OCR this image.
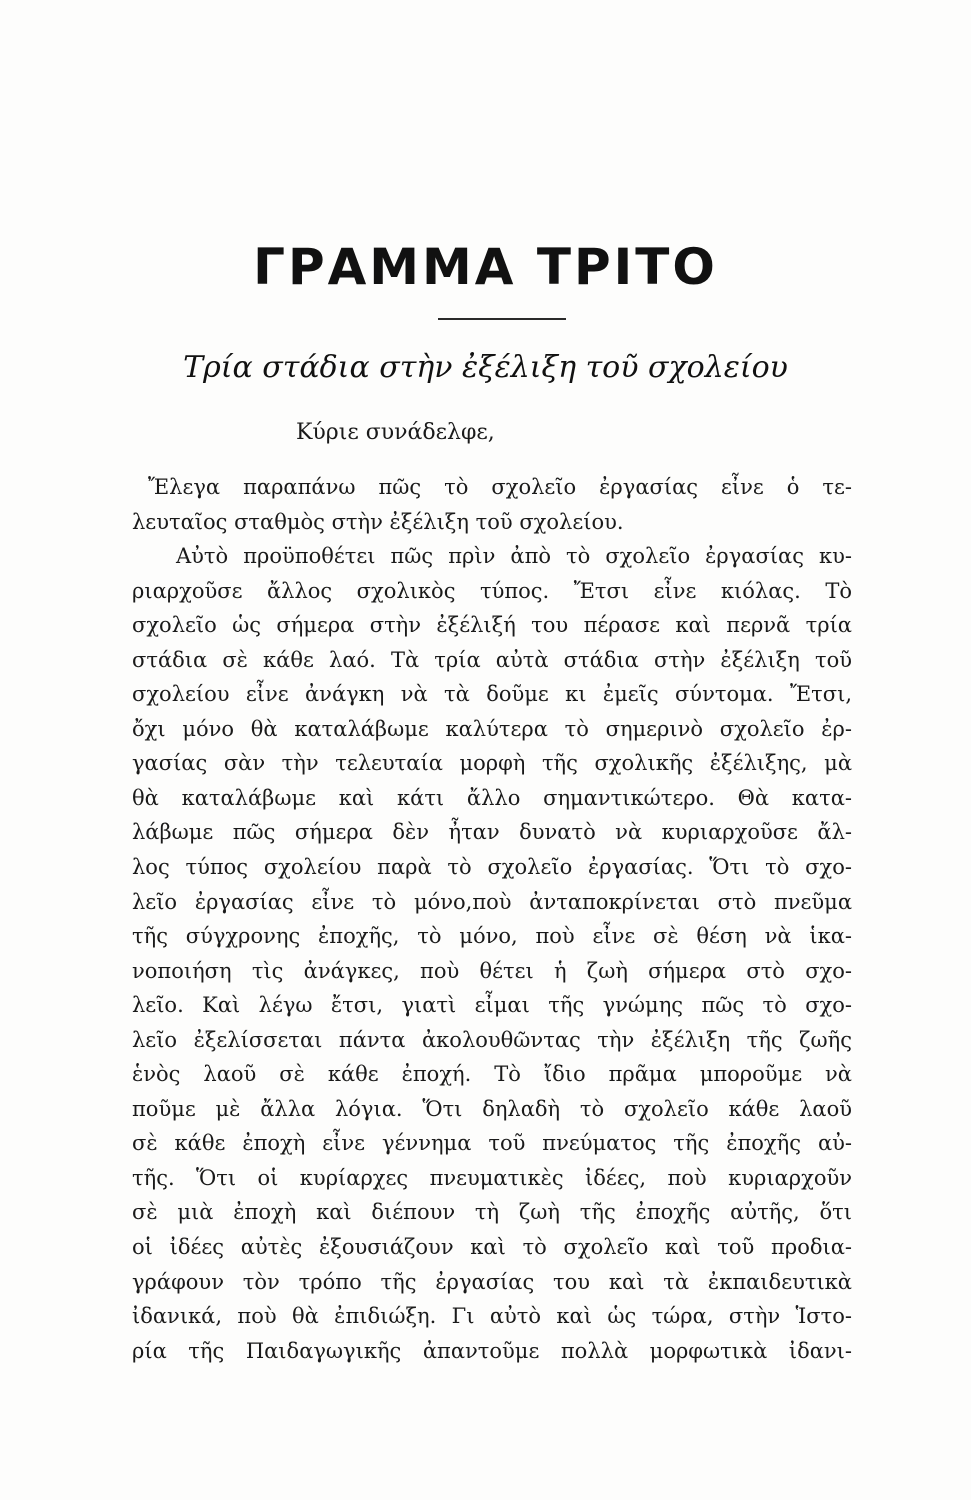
ΓΡΑΜΜΑ ΤΡΙΤΟ
Τρία στάδια στὴν ἐξέλιξη τοῦ σχολείου
Κύριε συνάδελφε,
Ἔλεγα παραπάνω πῶς τὸ σχολεῖο ἐργασίας εἶνε ὁ τε-
λευταῖος σταθμὸς στὴν ἐξέλιξη τοῦ σχολείου.
Αὐτὸ προϋποθέτει πῶς πρὶν ἀπὸ τὸ σχολεῖο ἐργασίας κυ-
ριαρχοῦσε ἄλλος σχολικὸς τύπος. Ἔτσι εἶνε κιόλας. Τὸ
σχολεῖο ὡς σήμερα στὴν ἐξέλιξή του πέρασε καὶ περνᾶ τρία
στάδια σὲ κάθε λαό. Τὰ τρία αὐτὰ στάδια στὴν ἐξέλιξη τοῦ
σχολείου εἶνε ἀνάγκη νὰ τὰ δοῦμε κι ἐμεῖς σύντομα. Ἔτσι,
ὄχι μόνο θὰ καταλάβωμε καλύτερα τὸ σημερινὸ σχολεῖο ἐρ-
γασίας σὰν τὴν τελευταία μορφὴ τῆς σχολικῆς ἐξέλιξης, μὰ
θὰ καταλάβωμε καὶ κάτι ἄλλο σημαντικώτερο. Θὰ κατα-
λάβωμε πῶς σήμερα δὲν ἦταν δυνατὸ νὰ κυριαρχοῦσε ἄλ-
λος τύπος σχολείου παρὰ τὸ σχολεῖο ἐργασίας. Ὅτι τὸ σχο-
λεῖο ἐργασίας εἶνε τὸ μόνο,ποὺ ἀνταποκρίνεται στὸ πνεῦμα
τῆς σύγχρονης ἐποχῆς, τὸ μόνο, ποὺ εἶνε σὲ θέση νὰ ἱκα-
νοποιήση τὶς ἀνάγκες, ποὺ θέτει ἡ ζωὴ σήμερα στὸ σχο-
λεῖο. Καὶ λέγω ἔτσι, γιατὶ εἶμαι τῆς γνώμης πῶς τὸ σχο-
λεῖο ἐξελίσσεται πάντα ἀκολουθῶντας τὴν ἐξέλιξη τῆς ζωῆς
ἑνὸς λαοῦ σὲ κάθε ἐποχή. Τὸ ἴδιο πρᾶμα μποροῦμε νὰ
ποῦμε μὲ ἄλλα λόγια. Ὅτι δηλαδὴ τὸ σχολεῖο κάθε λαοῦ
σὲ κάθε ἐποχὴ εἶνε γέννημα τοῦ πνεύματος τῆς ἐποχῆς αὐ-
τῆς. Ὅτι οἱ κυρίαρχες πνευματικὲς ἰδέες, ποὺ κυριαρχοῦν
σὲ μιὰ ἐποχὴ καὶ διέπουν τὴ ζωὴ τῆς ἐποχῆς αὐτῆς, ὅτι
οἱ ἰδέες αὐτὲς ἐξουσιάζουν καὶ τὸ σχολεῖο καὶ τοῦ προδια-
γράφουν τὸν τρόπο τῆς ἐργασίας του καὶ τὰ ἐκπαιδευτικὰ
ἰδανικά, ποὺ θὰ ἐπιδιώξη. Γι αὐτὸ καὶ ὡς τώρα, στὴν Ἱστο-
ρία τῆς Παιδαγωγικῆς ἀπαντοῦμε πολλὰ μορφωτικὰ ἰδανι-
